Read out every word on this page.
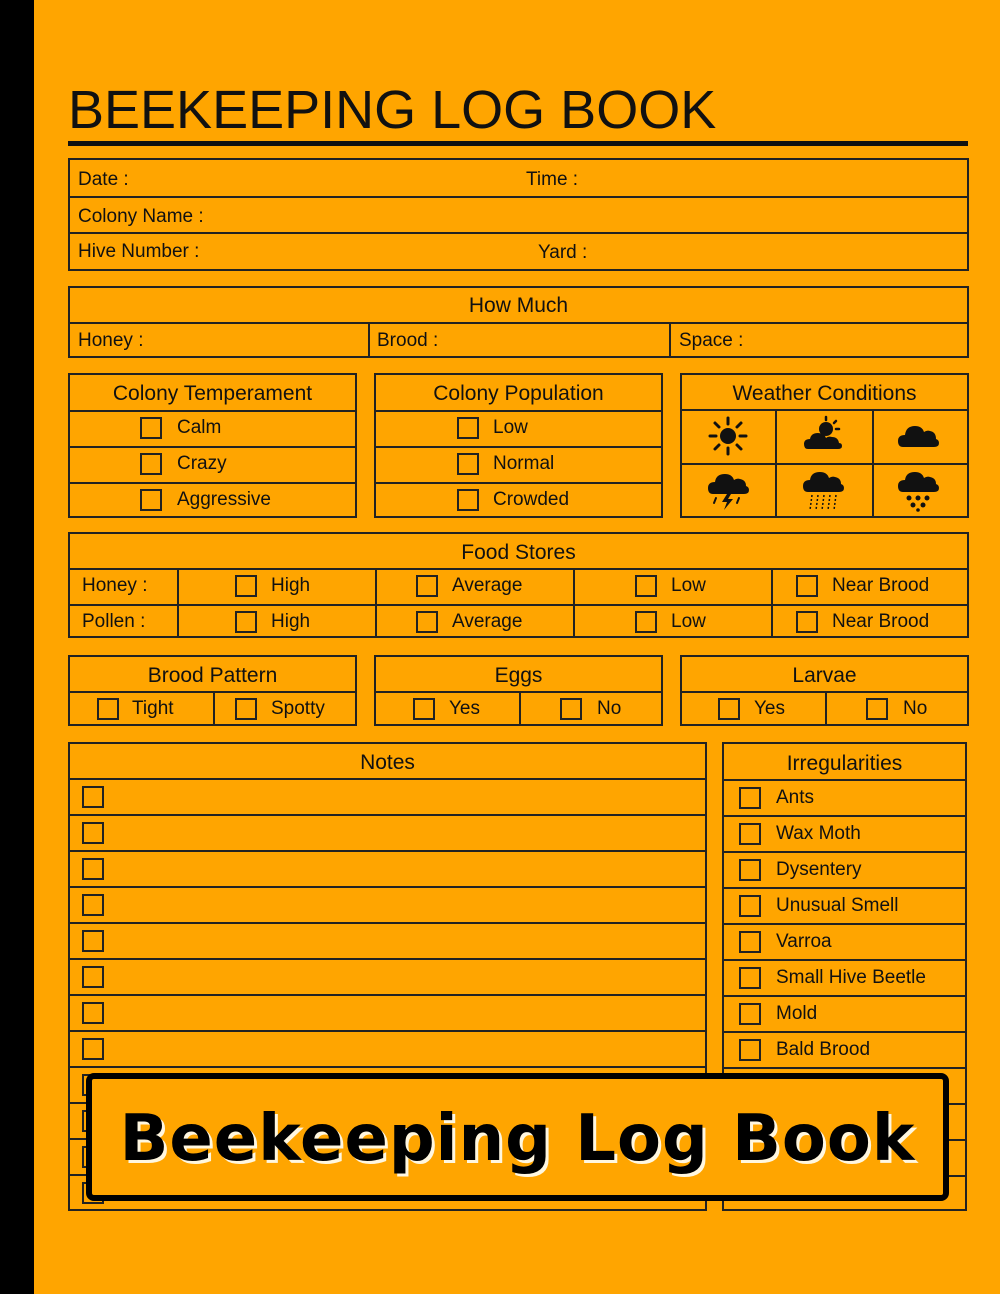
BEEKEEPING LOG BOOK
Date :	Time :
Colony Name :
Hive Number :	Yard :
How Much
Honey :	Brood :	Space :
Colony Temperament
Calm
Crazy
Aggressive
Colony Population
Low
Normal
Crowded
Weather Conditions
Food Stores
Honey :	High	Average	Low	Near Brood
Pollen :	High	Average	Low	Near Brood
Brood Pattern
Tight	Spotty
Eggs
Yes	No
Larvae
Yes	No
Notes	Irregularities
Ants
Wax Moth
Dysentery
Unusual Smell
Varroa
Small Hive Beetle
Mold
Bald Brood
Beekeeping Log Book
